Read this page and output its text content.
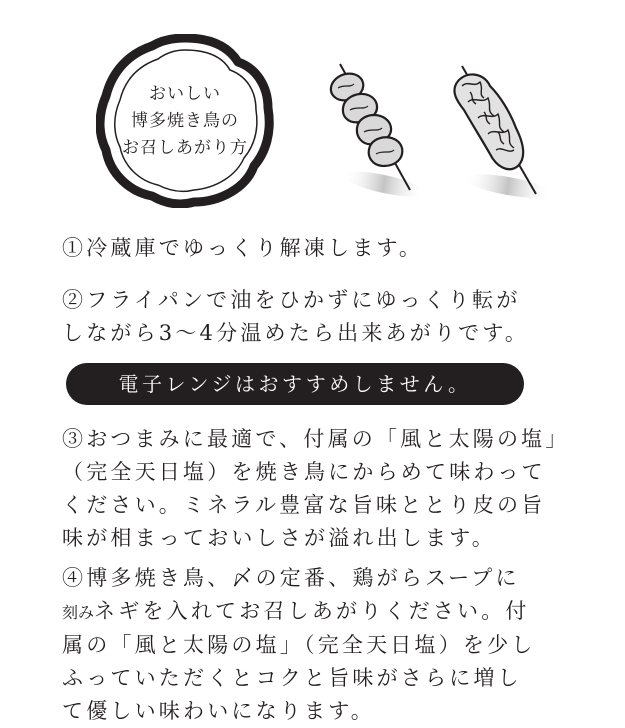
おいしい
博多焼き鳥の
お召しあがり方

①冷蔵庫でゆっくり解凍します。

②フライパンで油をひかずにゆっくり転が
しながら3〜4分温めたら出来あがりです。

③おつまみに最適で、付属の「風と太陽の塩」
（完全天日塩）を焼き鳥にからめて味わって
ください。ミネラル豊富な旨味ととり皮の旨
味が相まっておいしさが溢れ出します。

④博多焼き鳥、〆の定番、鶏がらスープに
刻みネギを入れてお召しあがりください。付
属の「風と太陽の塩」（完全天日塩）を少し
ふっていただくとコクと旨味がさらに増し
て優しい味わいになります。

電子レンジはおすすめしません。
